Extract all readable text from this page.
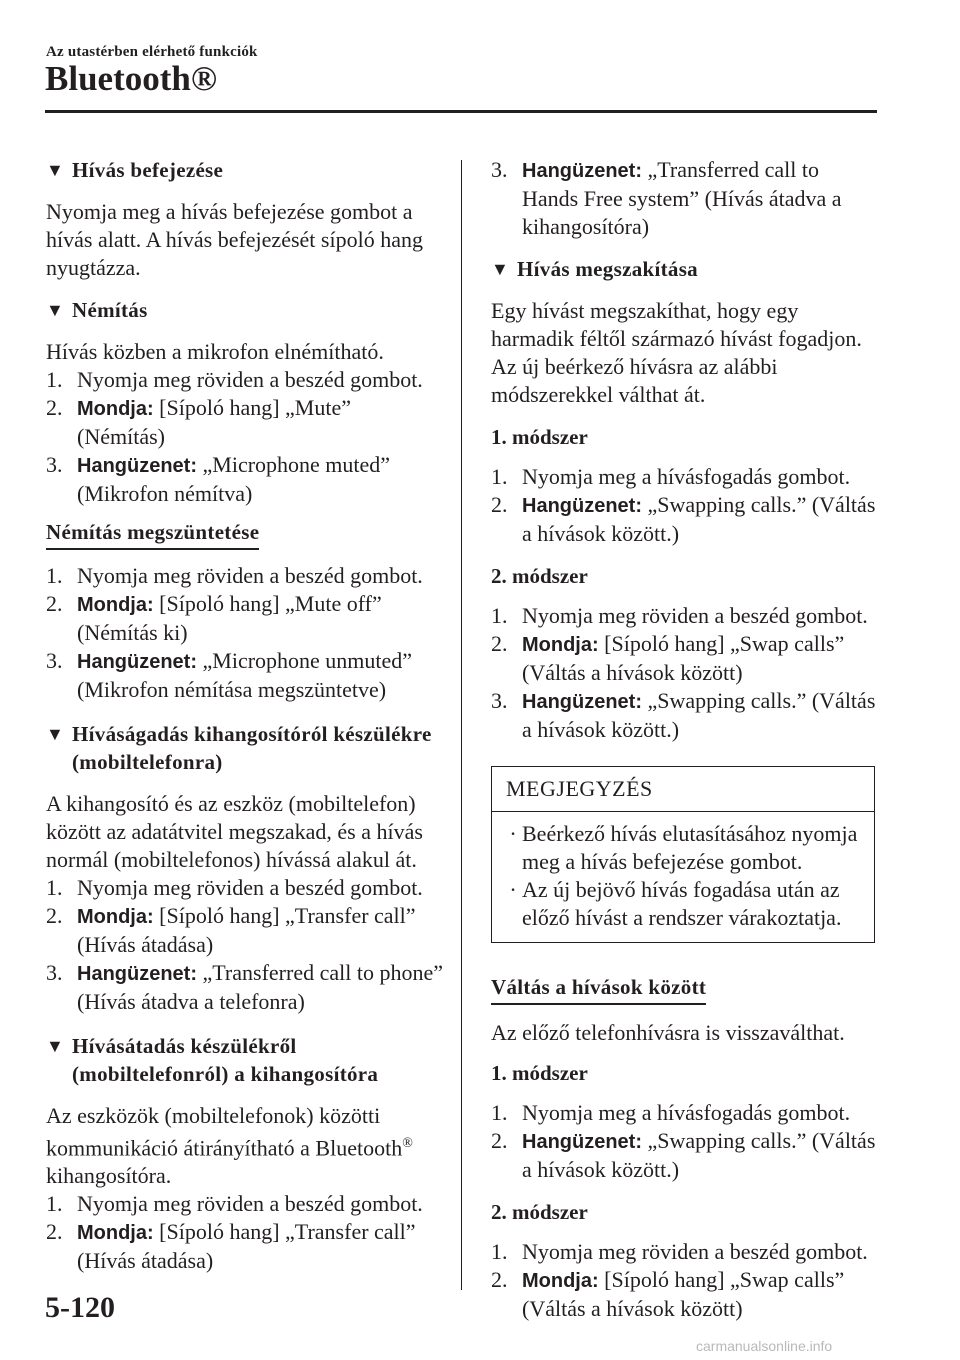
Az utastérben elérhető funkciók
Bluetooth®
▼ Hívás befejezése

Nyomja meg a hívás befejezése gombot a hívás alatt. A hívás befejezését sípoló hang nyugtázza.

▼ Némítás

Hívás közben a mikrofon elnémítható.

1. Nyomja meg röviden a beszéd gombot.
2. Mondja: [Sípoló hang] „Mute” (Némítás)
3. Hangüzenet: „Microphone muted” (Mikrofon némítva)
Némítás megszüntetése
1. Nyomja meg röviden a beszéd gombot.
2. Mondja: [Sípoló hang] „Mute off” (Némítás ki)
3. Hangüzenet: „Microphone unmuted” (Mikrofon némítása megszüntetve)
▼ Híváságadás kihangosítóról készülékre (mobiltelefonra)

A kihangosító és az eszköz (mobiltelefon) között az adatátvitel megszakad, és a hívás normál (mobiltelefonos) hívássá alakul át.

1. Nyomja meg röviden a beszéd gombot.
2. Mondja: [Sípoló hang] „Transfer call” (Hívás átadása)
3. Hangüzenet: „Transferred call to phone” (Hívás átadva a telefonra)
▼ Hívásátadás készülékről (mobiltelefonról) a kihangosítóra

Az eszközök (mobiltelefonok) közötti kommunikáció átirányítható a Bluetooth®
kihangosítóra.

1. Nyomja meg röviden a beszéd gombot.
2. Mondja: [Sípoló hang] „Transfer call” (Hívás átadása)
3. Hangüzenet: „Transferred call to Hands Free system” (Hívás átadva a kihangosítóra)
▼ Hívás megszakítása

Egy hívást megszakíthat, hogy egy harmadik féltől származó hívást fogadjon. Az új beérkező hívásra az alábbi módszerekkel válthat át.

1. módszer
1. Nyomja meg a hívásfogadás gombot.
2. Hangüzenet: „Swapping calls.” (Váltás a hívások között.)
2. módszer
1. Nyomja meg röviden a beszéd gombot.
2. Mondja: [Sípoló hang] „Swap calls” (Váltás a hívások között)
3. Hangüzenet: „Swapping calls.” (Váltás a hívások között.)
MEGJEGYZÉS
· Beérkező hívás elutasításához nyomja meg a hívás befejezése gombot.
· Az új bejövő hívás fogadása után az előző hívást a rendszer várakoztatja.
Váltás a hívások között

Az előző telefonhívásra is visszaválthat.

1. módszer
1. Nyomja meg a hívásfogadás gombot.
2. Hangüzenet: „Swapping calls.” (Váltás a hívások között.)
2. módszer
1. Nyomja meg röviden a beszéd gombot.
2. Mondja: [Sípoló hang] „Swap calls” (Váltás a hívások között)
5-120
carmanualsonline.info
